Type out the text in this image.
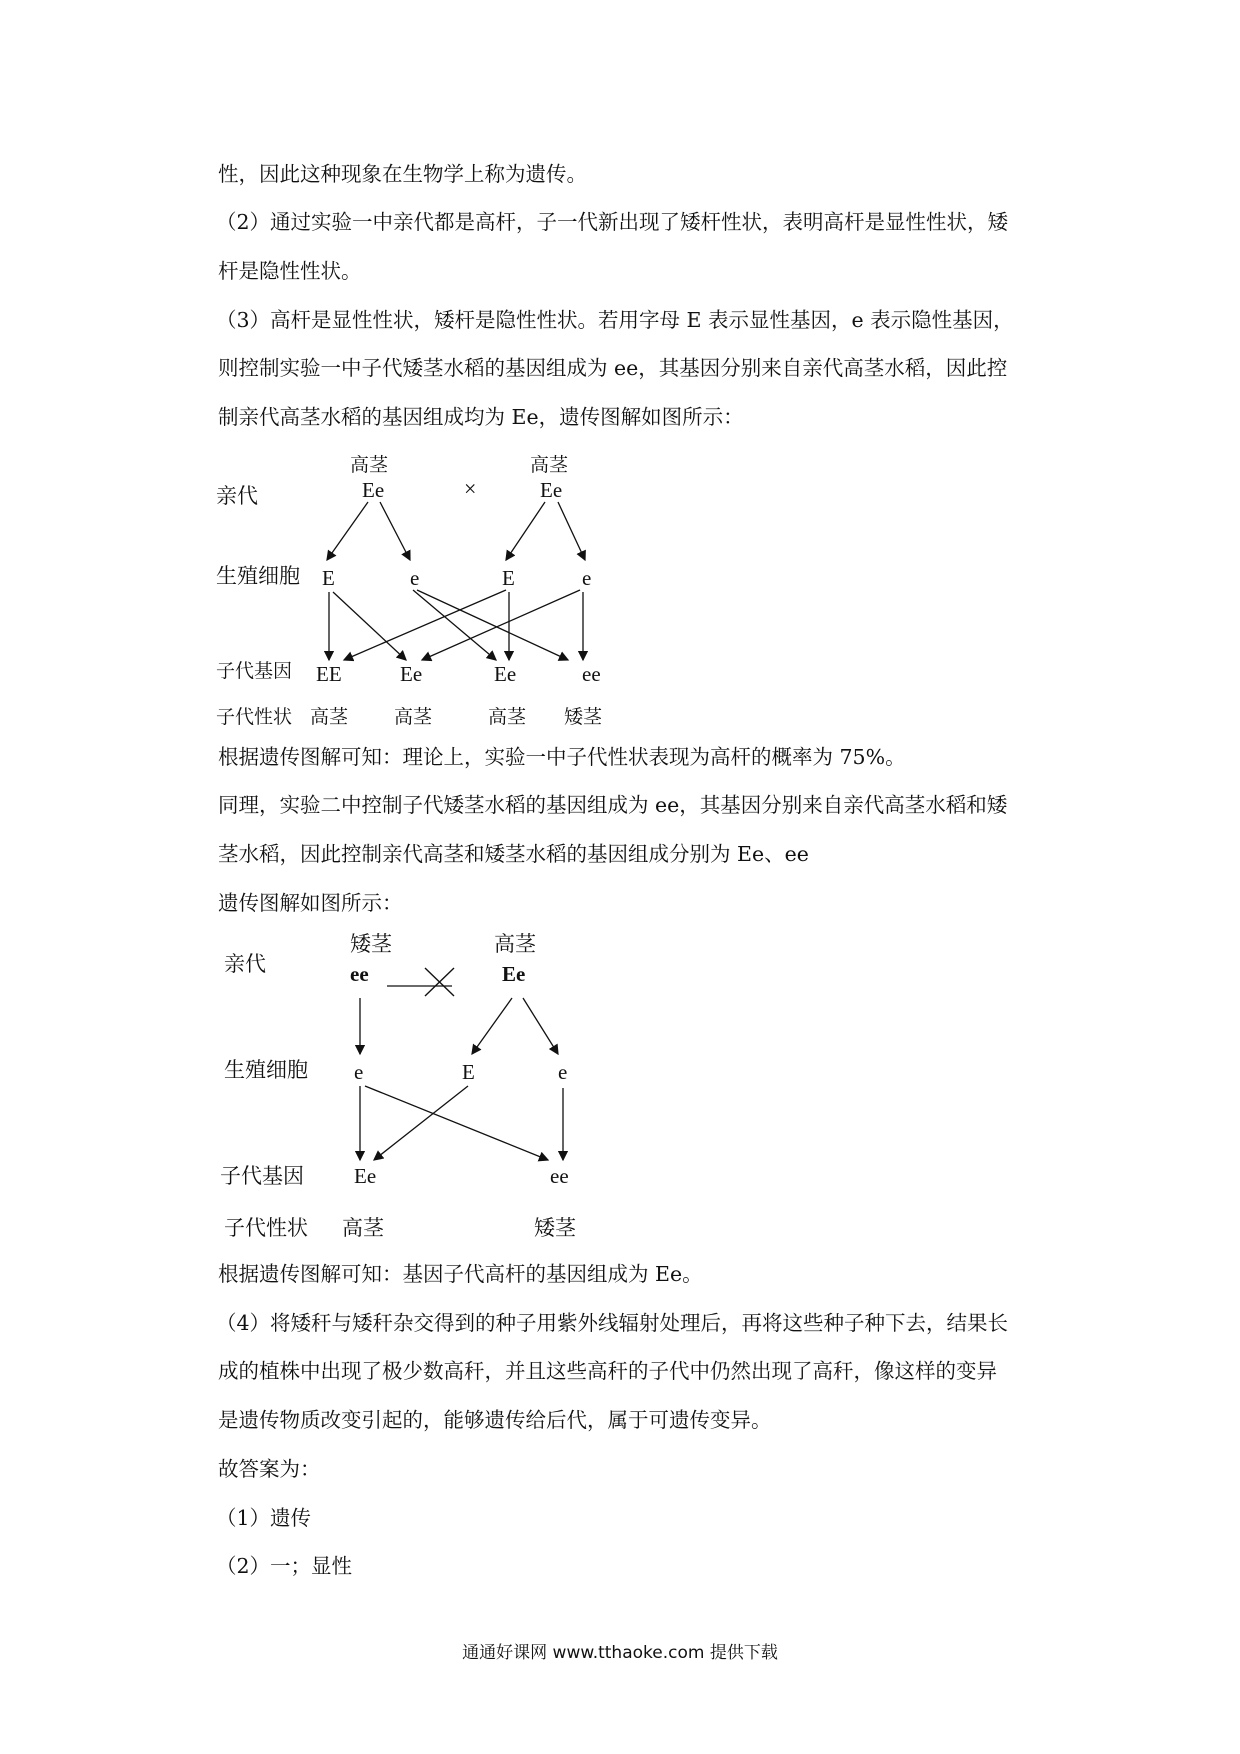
性，因此这种现象在生物学上称为遗传。
（2）通过实验一中亲代都是高杆，子一代新出现了矮杆性状，表明高杆是显性性状，矮
杆是隐性性状。
（3）高杆是显性性状，矮杆是隐性性状。若用字母 E 表示显性基因，e 表示隐性基因，
则控制实验一中子代矮茎水稻的基因组成为 ee，其基因分别来自亲代高茎水稻，因此控
制亲代高茎水稻的基因组成均为 Ee，遗传图解如图所示：
亲代
生殖细胞
子代基因
子代性状
高茎
Ee	×
高茎
Ee
E	e	E	e
EE	Ee	Ee	ee
高茎 高茎	高茎 矮茎
根据遗传图解可知：理论上，实验一中子代性状表现为高杆的概率为 75%。
同理，实验二中控制子代矮茎水稻的基因组成为 ee，其基因分别来自亲代高茎水稻和矮
茎水稻，因此控制亲代高茎和矮茎水稻的基因组成分别为 Ee、ee
遗传图解如图所示：
亲代
生殖细胞
子代基因
子代性状
矮茎
ee
高茎
Ee
e	E	e
Ee	ee
高茎	矮茎
根据遗传图解可知：基因子代高杆的基因组成为 Ee。
（4）将矮秆与矮秆杂交得到的种子用紫外线辐射处理后，再将这些种子种下去，结果长
成的植株中出现了极少数高秆，并且这些高秆的子代中仍然出现了高秆，像这样的变异
是遗传物质改变引起的，能够遗传给后代，属于可遗传变异。
故答案为：
（1）遗传
（2）一；显性
通通好课网 www.tthaoke.com 提供下载
